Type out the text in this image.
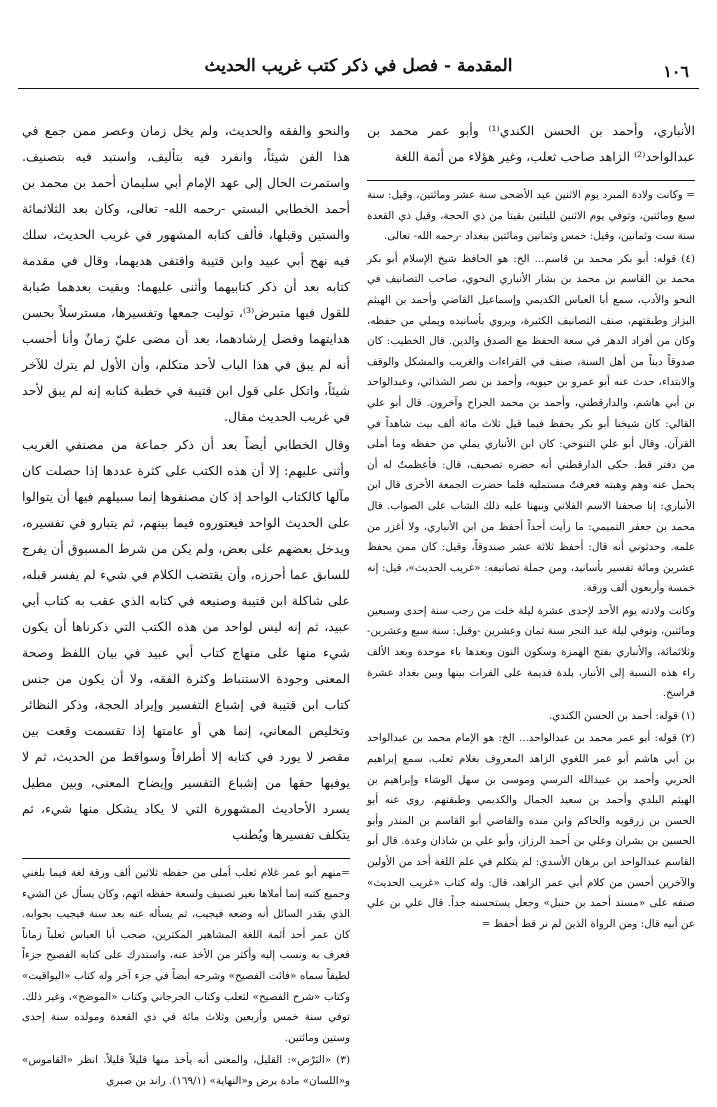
١٠٦
المقدمة - فصل في ذكر كتب غريب الحديث

الأنباري، وأحمد بن الحسن الكندي⁽¹⁾ وأبو عمر محمد بن عبدالواحد⁽²⁾ الزاهد صاحب ثعلب، وغير هؤلاء من أئمة اللغة

= وكانت ولادة المبرد يوم الاثنين عيد الأضحى سنة عشر ومائتين، وقيل: سنة سبع ومائتين، وتوفي يوم الاثنين لليلتين بقيتا من ذي الحجة، وقيل ذي القعدة سنة ست وثمانين، وقيل: خمس وثمانين ومائتين ببغداد -رحمه الله- تعالى.

(٤) قوله: أبو بكر محمد بن قاسم... الخ: هو الحافظ شيخ الإسلام أبو بكر محمد بن القاسم بن محمد بن بشار الأنباري النحوي، صاحب التصانيف في النحو والأدب، سمع أبا العباس الكديمي وإسماعيل القاضي وأحمد بن الهيثم البزاز وطبقتهم، صنف التصانيف الكثيرة، ويروي بأسانيده ويملي من حفظه، وكان من أفراد الدهر في سعة الحفظ مع الصدق والدين. قال الخطيب: كان صدوقاً ديناً من أهل السنة، صنف في القراءات والغريب والمشكل والوقف والابتداء، حدث عنه أبو عمرو بن حيويه، وأحمد بن نصر الشذائي، وعبدالواحد بن أبي هاشم، والدارقطني، وأحمد بن محمد الجراح وآخرون. قال أبو علي القالي: كان شيخنا أبو بكر يحفظ فيما قيل ثلاث مائة ألف بيت شاهداً في القرآن. وقال أبو علي التنوخي: كان ابن الأنباري يملي من حفظه وما أملى من دفتر قط. حكى الدارقطني أنه حضره تصحيف، قال: فأعظمتُ له أن يحمل عنه وهم وهبته فعرفتُ مستمليه فلما حضرت الجمعة الأخرى قال ابن الأنباري: إنا صحفنا الاسم الفلاني ونبهنا عليه ذلك الشاب على الصواب. قال محمد بن جعفر التميمي: ما رأيت أحداً أحفظ من ابن الأنباري، ولا أغزر من علمه. وحدثوني أنه قال: أحفظ ثلاثة عشر صندوقاً، وقيل: كان ممن يحفظ عشرين ومائة تفسير بأسانيد، ومن جملة تصانيفه: «غريب الحديث»، قيل: إنه خمسة وأربعون ألف ورقة.

وكانت ولادته يوم الأحد لإحدى عشرة ليلة خلت من رجب سنة إحدى وسبعين ومائتين، وتوفي ليلة عيد النحر سنة ثمان وعشرين -وقيل: سنة سبع وعشرين- وثلاثمائة، والأنباري بفتح الهمزة وسكون النون وبعدها باء موحدة وبعد الألف راء هذه النسبة إلى الأنبار، بلدة قديمة على الفرات بينها وبين بغداد عشرة فراسخ.

(١) قوله: أحمد بن الحسن الكندي.

(٢) قوله: أبو عمر محمد بن عبدالواحد... الخ: هو الإمام محمد بن عبدالواحد بن أبي هاشم أبو عمر اللغوي الزاهد المعروف بغلام ثعلب، سمع إبراهيم الحربي وأحمد بن عبيدالله النرسي وموسى بن سهل الوشاء وإبراهيم بن الهيثم البلدي وأحمد بن سعيد الجمال والكديمي وطبقتهم. روى عنه أبو الحسن بن زرقويه والحاكم وابن منده والقاضي أبو القاسم بن المنذر وأبو الحسين بن بشران وعلي بن أحمد الرزاز، وأبو علي بن شاذان وعدة. قال أبو القاسم عبدالواحد ابن برهان الأسدي: لم يتكلم في علم اللغة أحد من الأولين والآخرين أحسن من كلام أبي عمر الزاهد، قال: وله كتاب «غريب الحديث» صنفه على «مسند أحمد بن حنبل» وجعل يستحسنه جداً. قال علي بن علي عن أبيه قال: ومن الرواة الذين لم نر قط أحفظ =

والنحو والفقه والحديث، ولم يخل زمان وعصر ممن جمع في هذا الفن شيئاً، وانفرد فيه بتأليف، واستبد فيه بتصنيف. واستمرت الحال إلى عهد الإمام أبي سليمان أحمد بن محمد بن أحمد الخطابي البستي -رحمه الله- تعالى، وكان بعد الثلاثمائة والستين وقبلها، فألف كتابه المشهور في غريب الحديث، سلك فيه نهج أبي عبيد وابن قتيبة واقتفى هديهما، وقال في مقدمة كتابه بعد أن ذكر كتابيهما وأثنى عليهما: وبقيت بعدهما صُبابة للقول فيها متبرض⁽³⁾، توليت جمعها وتفسيرها، مسترسلاً بحسن هدايتهما وفضل إرشادهما، بعد أن مضى عليّ زمانٌ وأنا أحسب أنه لم يبق في هذا الباب لأحد متكلم، وأن الأول لم يترك للآخر شيئاً، واتكل على قول ابن قتيبة في خطبة كتابه إنه لم يبق لأحد في غريب الحديث مقال.

وقال الخطابي أيضاً بعد أن ذكر جماعة من مصنفي الغريب وأثنى عليهم: إلا أن هذه الكتب على كثرة عددها إذا حصلت كان مآلها كالكتاب الواحد إذ كان مصنفوها إنما سبيلهم فيها أن يتوالوا على الحديث الواحد فيعتوروه فيما بينهم، ثم يتبارو في تفسيره، ويدخل بعضهم على بعض، ولم يكن من شرط المسبوق أن يفرج للسابق عما أحرزه، وأن يقتضب الكلام في شيء لم يفسر قبله، على شاكلة ابن قتيبة وصنيعه في كتابه الذي عقب به كتاب أبي عبيد، ثم إنه ليس لواحد من هذه الكتب التي ذكرناها أن يكون شيء منها على منهاج كتاب أبي عبيد في بيان اللفظ وصحة المعنى وجودة الاستنباط وكثرة الفقه، ولا أن يكون من جنس كتاب ابن قتيبة في إشباع التفسير وإيراد الحجة، وذكر النظائر وتخليص المعاني، إنما هي أو عامتها إذا تقسمت وقعت بين مقصر لا يورد في كتابه إلا أطرافاً وسواقط من الحديث، ثم لا يوفيها حقها من إشباع التفسير وإيضاح المعنى، وبين مطيل يسرد الأحاديث المشهورة التي لا يكاد يشكل منها شيء، ثم يتكلف تفسيرها ويُطنب

=منهم أبو عمر غلام ثعلب أملى من حفظه ثلاثين ألف ورقة لغة فيما بلغني وجميع كتبه إنما أملاها بغير تصنيف ولسعة حفظه اتهم، وكان يسأل عن الشيء الذي يقدر السائل أنه وضعه فيجيب، ثم يسأله عنه بعد سنة فيجيب بجوابه. كان عمر أحد أئمة اللغة المشاهير المكثرين، صحب أبا العباس ثعلباً زماناً فعرف به ونسب إليه وأكثر من الأخذ عنه، واستدرك على كتابه الفصيح جزءاً لطيفاً سماه «فائت الفصيح» وشرحه أيضاً في جزء آخر وله كتاب «اليواقيت» وكتاب «شرح الفصيح» لثعلب وكتاب الجرجاني وكتاب «الموضح»، وغير ذلك. توفي سنة خمس وأربعين وثلاث مائة في ذي القعدة ومولده سنة إحدى وستين ومائتين.

(٣) «البَرْض»: القليل، والمعنى أنه يأخذ منها قليلاً قليلاً. انظر «القاموس» و«اللسان» مادة برض و«النهاية» (١٦٩/١). راند بن صبري
